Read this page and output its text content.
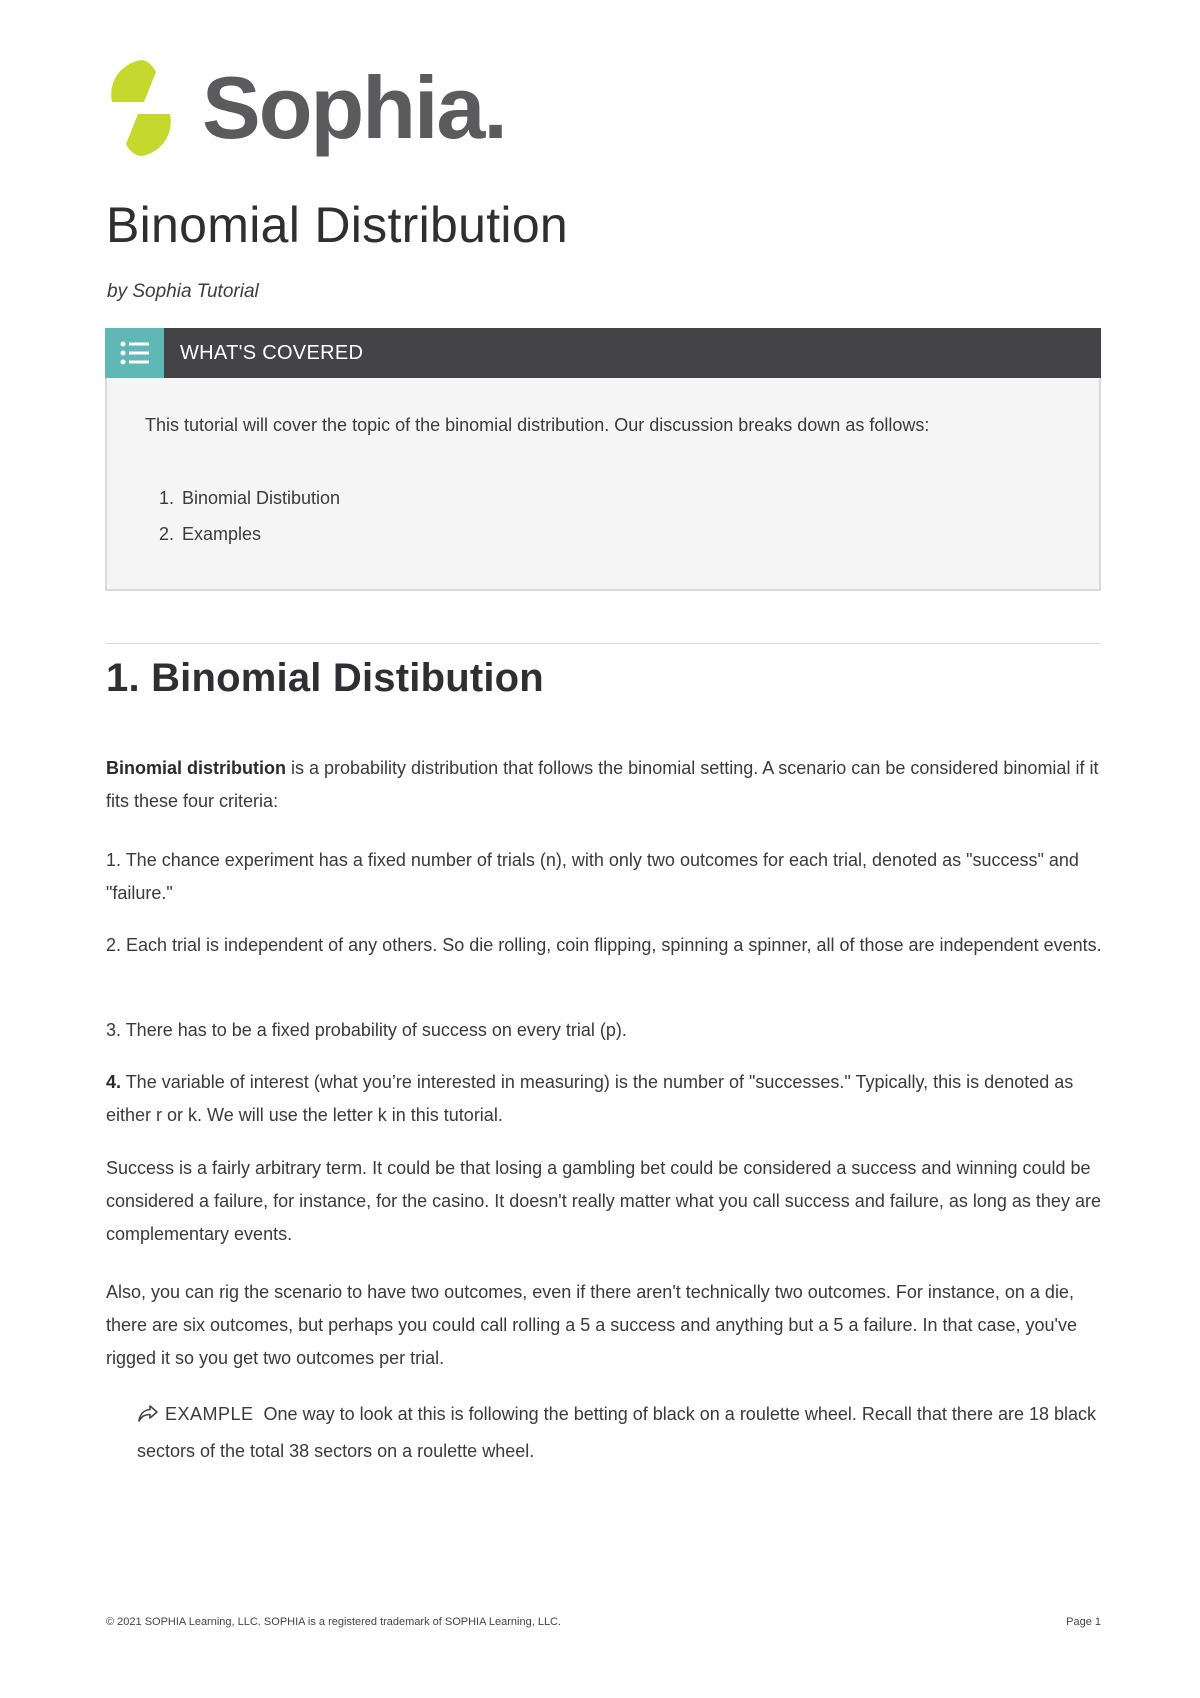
Sophia.
Binomial Distribution

by Sophia Tutorial

WHAT'S COVERED

This tutorial will cover the topic of the binomial distribution. Our discussion breaks down as follows:

1. Binomial Distibution
2. Examples
1. Binomial Distibution

Binomial distribution is a probability distribution that follows the binomial setting. A scenario can be considered binomial if it fits these four criteria:

1. The chance experiment has a fixed number of trials (n), with only two outcomes for each trial, denoted as "success" and "failure."

2. Each trial is independent of any others. So die rolling, coin flipping, spinning a spinner, all of those are independent events.

3. There has to be a fixed probability of success on every trial (p).

4. The variable of interest (what you’re interested in measuring) is the number of "successes." Typically, this is denoted as either r or k. We will use the letter k in this tutorial.

Success is a fairly arbitrary term. It could be that losing a gambling bet could be considered a success and winning could be considered a failure, for instance, for the casino. It doesn't really matter what you call success and failure, as long as they are complementary events.

Also, you can rig the scenario to have two outcomes, even if there aren't technically two outcomes. For instance, on a die, there are six outcomes, but perhaps you could call rolling a 5 a success and anything but a 5 a failure. In that case, you've rigged it so you get two outcomes per trial.

EXAMPLE One way to look at this is following the betting of black on a roulette wheel. Recall that there are 18 black sectors of the total 38 sectors on a roulette wheel.

© 2021 SOPHIA Learning, LLC. SOPHIA is a registered trademark of SOPHIA Learning, LLC.	Page 1
